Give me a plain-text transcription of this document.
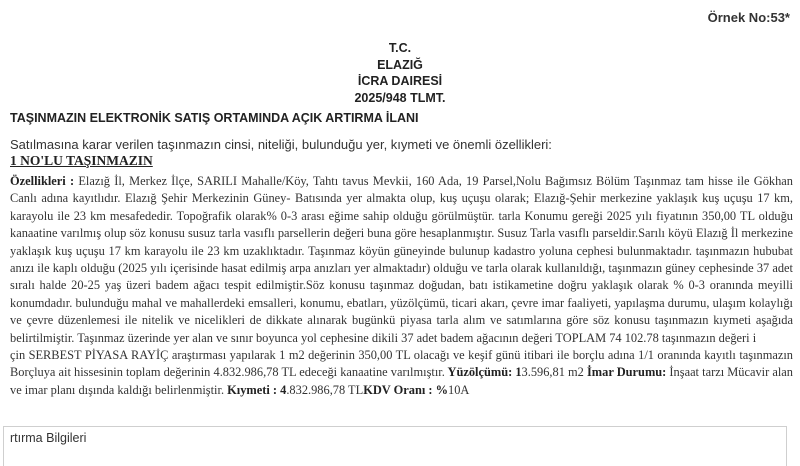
Örnek No:53*
T.C.
ELAZIĞ
İCRA DAIRESİ
2025/948 TLMT.
TAŞINMAZIN ELEKTRONİK SATIŞ ORTAMINDA AÇIK ARTIRMA İLANI
Satılmasına karar verilen taşınmazın cinsi, niteliği, bulunduğu yer, kıymeti ve önemli özellikleri:
1 NO'LU TAŞINMAZIN

Özellikleri : Elazığ İl, Merkez İlçe, SARILI Mahalle/Köy, Tahtı tavus Mevkii, 160 Ada, 19 Parsel,Nolu Bağımsız Bölüm Taşınmaz tam hisse ile Gökhan Canlı adına kayıtlıdır. Elazığ Şehir Merkezinin Güney- Batısında yer almakta olup, kuş uçuşu olarak; Elazığ-Şehir merkezine yaklaşık kuş uçuşu 17 km, karayolu ile 23 km mesafededir. Topoğrafik olarak% 0-3 arası eğime sahip olduğu görülmüştür. tarla Konumu gereği 2025 yılı fiyatının 350,00 TL olduğu kanaatine varılmış olup söz konusu susuz tarla vasıflı parsellerin değeri buna göre hesaplanmıştır. Susuz Tarla vasıflı parseldir.Sarılı köyü Elazığ İl merkezine yaklaşık kuş uçuşu 17 km karayolu ile 23 km uzaklıktadır. Taşınmaz köyün güneyinde bulunup kadastro yoluna cephesi bulunmaktadır. taşınmazın hububat anızı ile kaplı olduğu (2025 yılı içerisinde hasat edilmiş arpa anızları yer almaktadır) olduğu ve tarla olarak kullanıldığı, taşınmazın güney cephesinde 37 adet sıralı halde 20-25 yaş üzeri badem ağacı tespit edilmiştir.Söz konusu taşınmaz doğudan, batı istikametine doğru yaklaşık olarak % 0-3 oranında meyilli konumdadır. bulunduğu mahal ve mahallerdeki emsalleri, konumu, ebatları, yüzölçümü, ticari akarı, çevre imar faaliyeti, yapılaşma durumu, ulaşım kolaylığı ve çevre düzenlemesi ile nitelik ve nicelikleri de dikkate alınarak bugünkü piyasa tarla alım ve satımlarına göre söz konusu taşınmazın kıymeti aşağıda belirtilmiştir. Taşınmaz üzerinde yer alan ve sınır boyunca yol cephesine dikili 37 adet badem ağacının değeri TOPLAM 74 102.78 taşınmazın değeri i

çin SERBEST PİYASA RAYİÇ araştırması yapılarak 1 m2 değerinin 350,00 TL olacağı ve keşif günü itibari ile borçlu adına 1/1 oranında kayıtlı taşınmazın Borçluya ait hissesinin toplam değerinin 4.832.986,78 TL edeceği kanaatine varılmıştır. Yüzölçümü: 13.596,81 m2 İmar Durumu: İnşaat tarzı Mücavir alan ve imar planı dışında kaldığı belirlenmiştir. Kıymeti : 4.832.986,78 TLKDV Oranı : %10A

rtırma Bilgileri
